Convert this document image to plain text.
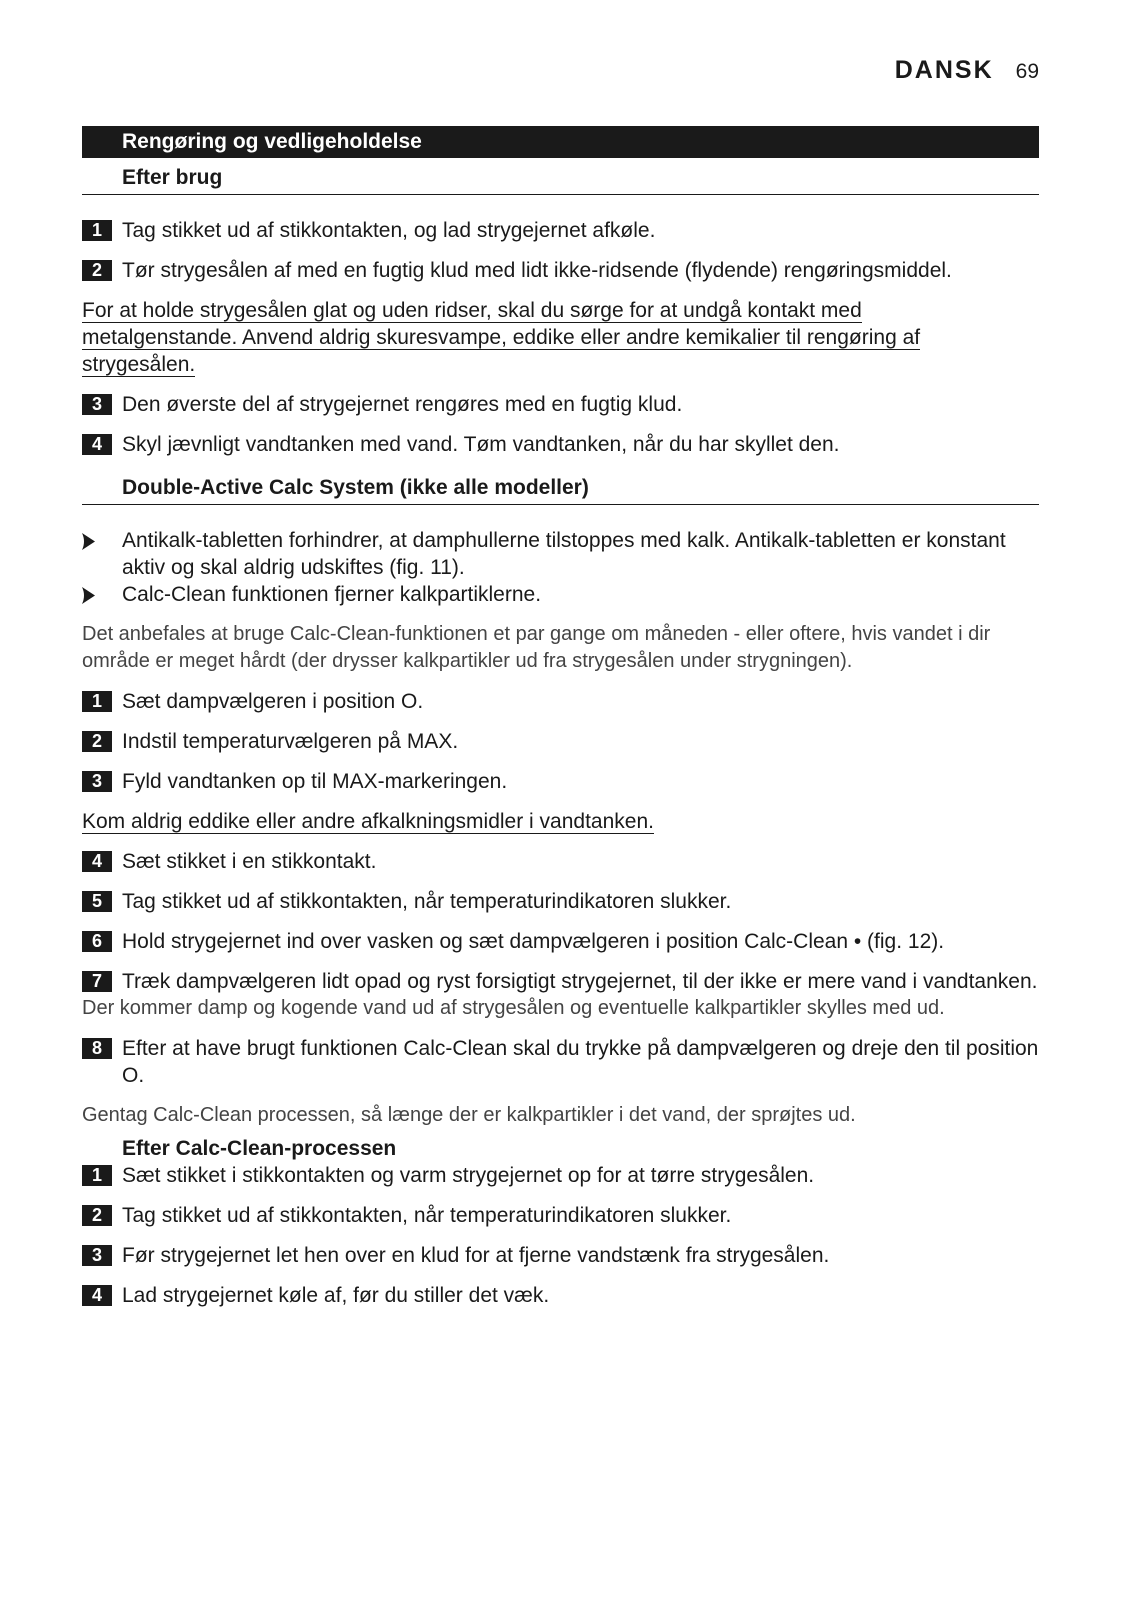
DANSK 69
Rengøring og vedligeholdelse
Efter brug
1 Tag stikket ud af stikkontakten, og lad strygejernet afkøle.
2 Tør strygesålen af med en fugtig klud med lidt ikke-ridsende (flydende) rengøringsmiddel.
For at holde strygesålen glat og uden ridser, skal du sørge for at undgå kontakt med
metalgenstande. Anvend aldrig skuresvampe, eddike eller andre kemikalier til rengøring af
strygesålen.
3 Den øverste del af strygejernet rengøres med en fugtig klud.
4 Skyl jævnligt vandtanken med vand. Tøm vandtanken, når du har skyllet den.
Double-Active Calc System (ikke alle modeller)
Antikalk-tabletten forhindrer, at damphullerne tilstoppes med kalk. Antikalk-tabletten er konstant aktiv og skal aldrig udskiftes (fig. 11).
Calc-Clean funktionen fjerner kalkpartiklerne.
Det anbefales at bruge Calc-Clean-funktionen et par gange om måneden - eller oftere, hvis vandet i dir område er meget hårdt (der drysser kalkpartikler ud fra strygesålen under strygningen).
1 Sæt dampvælgeren i position O.
2 Indstil temperaturvælgeren på MAX.
3 Fyld vandtanken op til MAX-markeringen.
Kom aldrig eddike eller andre afkalkningsmidler i vandtanken.
4 Sæt stikket i en stikkontakt.
5 Tag stikket ud af stikkontakten, når temperaturindikatoren slukker.
6 Hold strygejernet ind over vasken og sæt dampvælgeren i position Calc-Clean • (fig. 12).
7 Træk dampvælgeren lidt opad og ryst forsigtigt strygejernet, til der ikke er mere vand i vandtanken.
Der kommer damp og kogende vand ud af strygesålen og eventuelle kalkpartikler skylles med ud.
8 Efter at have brugt funktionen Calc-Clean skal du trykke på dampvælgeren og dreje den til position O.
Gentag Calc-Clean processen, så længe der er kalkpartikler i det vand, der sprøjtes ud.
Efter Calc-Clean-processen
1 Sæt stikket i stikkontakten og varm strygejernet op for at tørre strygesålen.
2 Tag stikket ud af stikkontakten, når temperaturindikatoren slukker.
3 Før strygejernet let hen over en klud for at fjerne vandstænk fra strygesålen.
4 Lad strygejernet køle af, før du stiller det væk.
